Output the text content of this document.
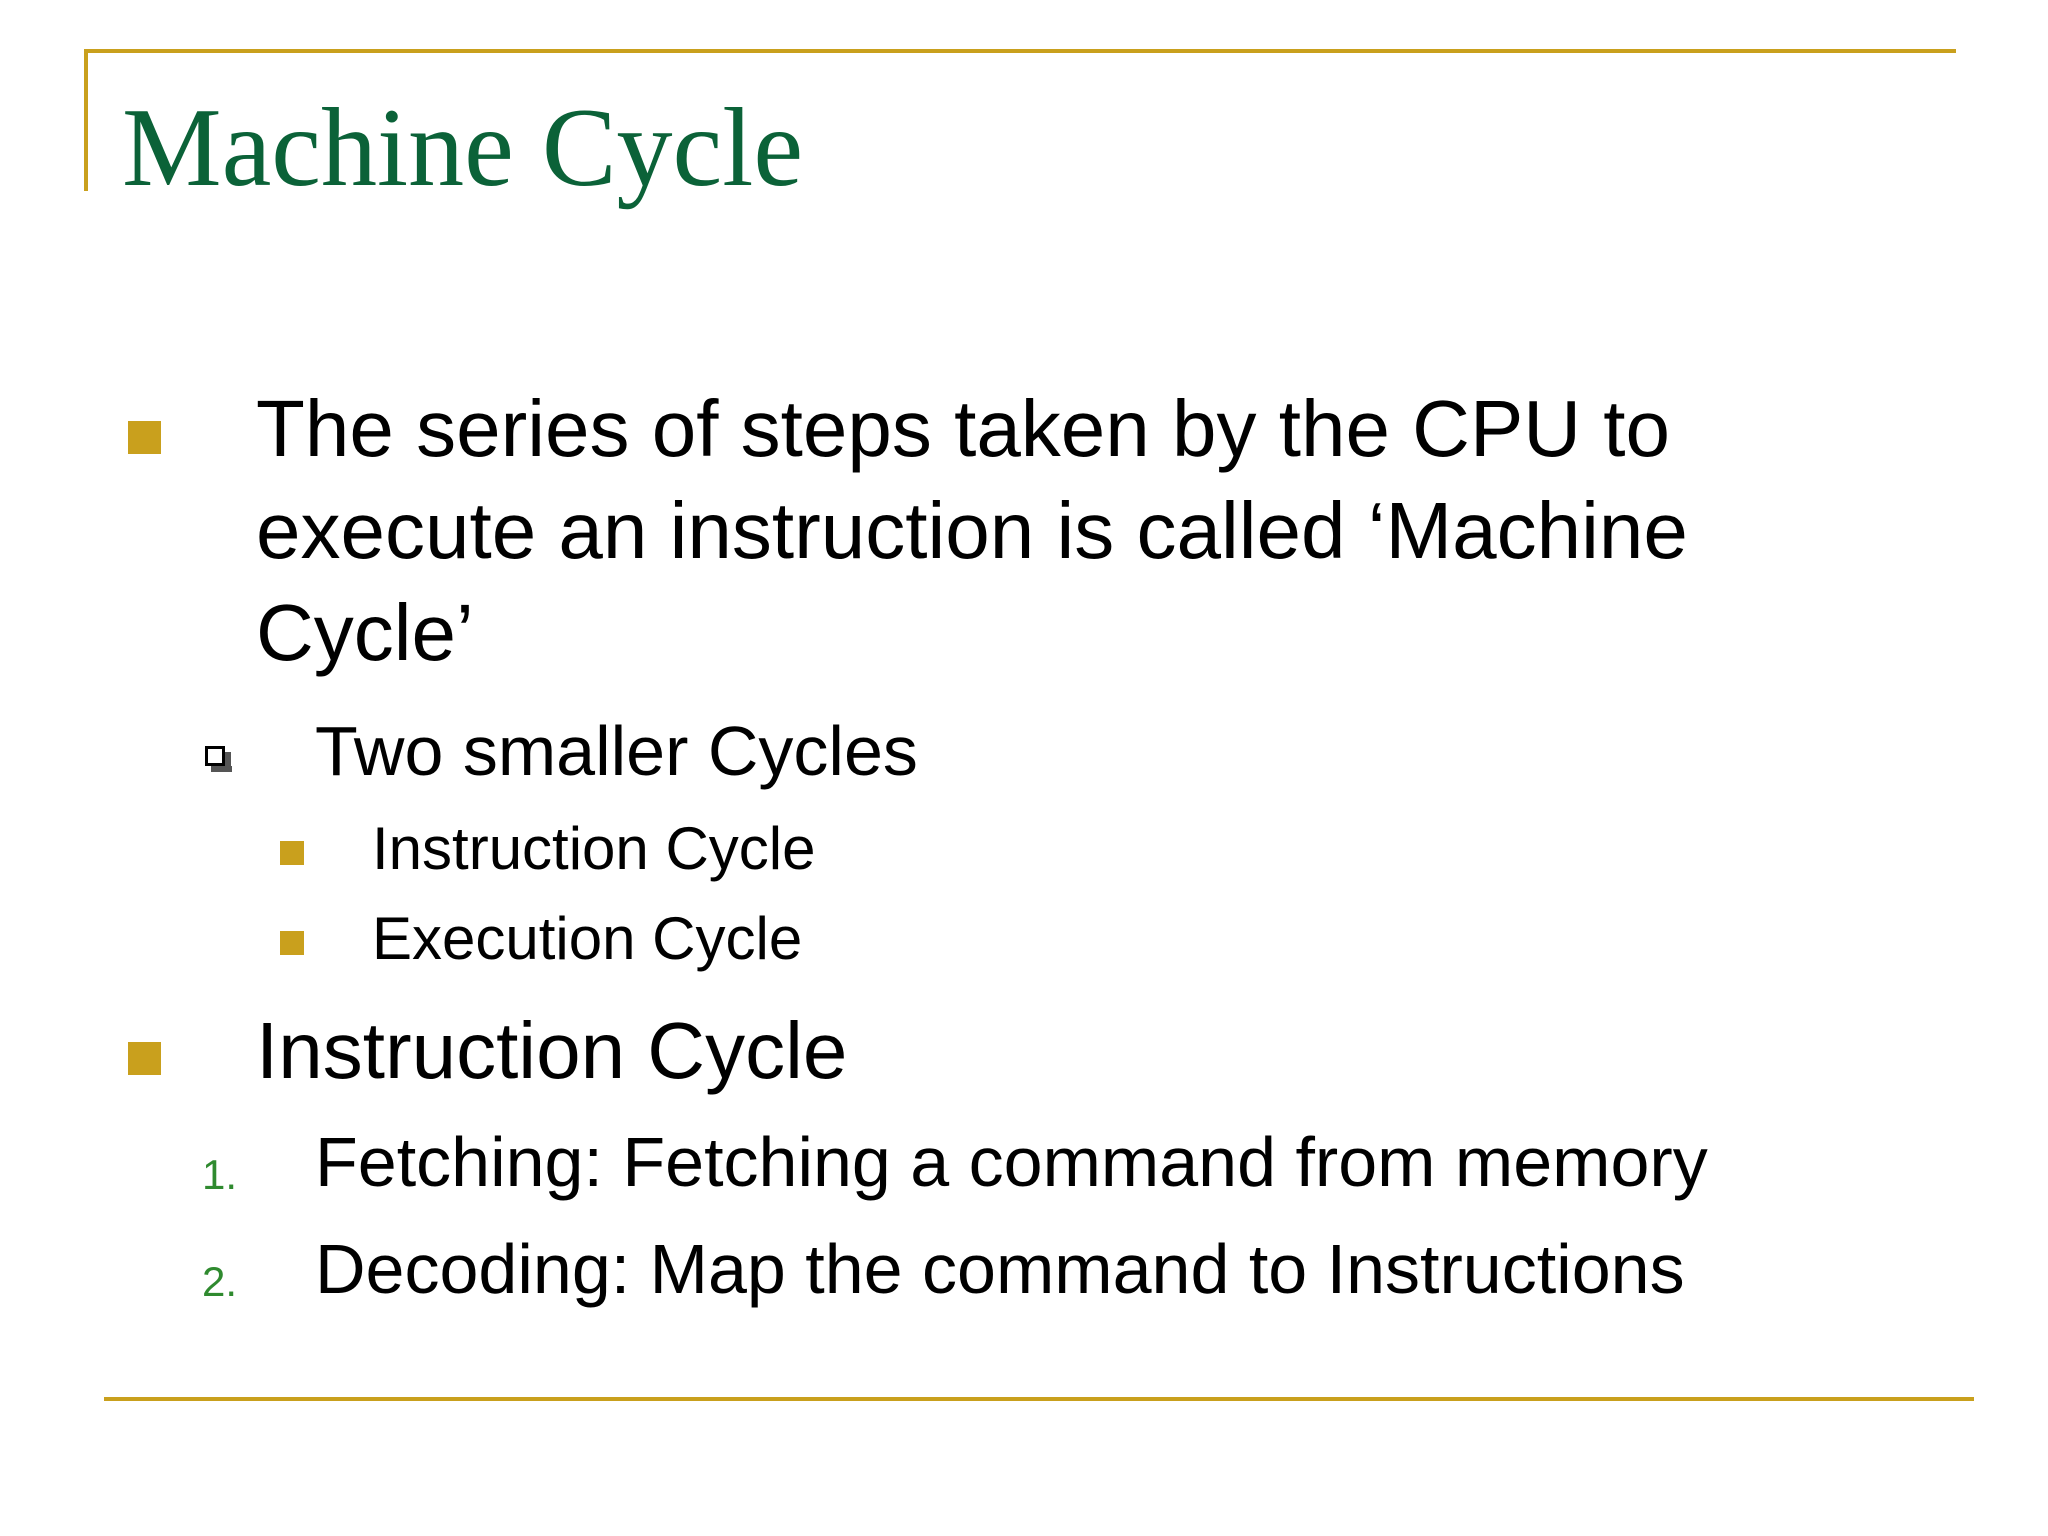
Machine Cycle
The series of steps taken by the CPU to
execute an instruction is called ‘Machine
Cycle’
Two smaller Cycles
Instruction Cycle
Execution Cycle
Instruction Cycle
1. Fetching: Fetching a command from memory
2. Decoding: Map the command to Instructions
